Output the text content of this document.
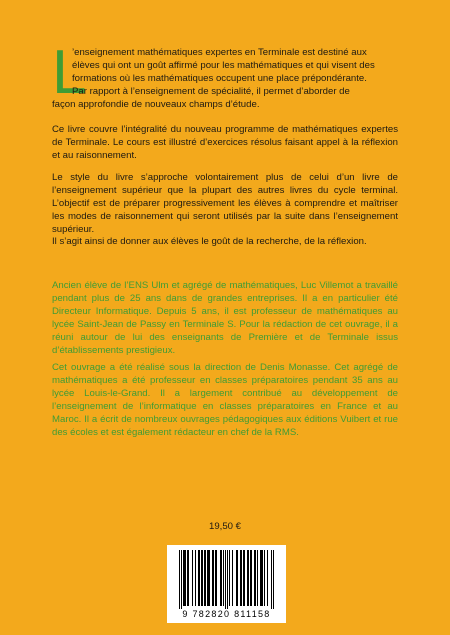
L

’enseignement mathématiques expertes en Terminale est destiné aux

élèves qui ont un goût affirmé pour les mathématiques et qui visent des

formations où les mathématiques occupent une place prépondérante.

Par rapport à l’enseignement de spécialité, il permet d’aborder de

façon approfondie de nouveaux champs d’étude.

Ce livre couvre l’intégralité du nouveau programme de mathématiques expertes de Terminale. Le cours est illustré d’exercices résolus faisant appel à la réflexion et au raisonnement.

Le style du livre s’approche volontairement plus de celui d’un livre de l’enseignement supérieur que la plupart des autres livres du cycle terminal. L’objectif est de préparer progressivement les élèves à comprendre et maîtriser les modes de raisonnement qui seront utilisés par la suite dans l’enseignement supérieur.

Il s’agit ainsi de donner aux élèves le goût de la recherche, de la réflexion.

Ancien élève de l’ENS Ulm et agrégé de mathématiques, Luc Villemot a travaillé pendant plus de 25 ans dans de grandes entreprises. Il a en particulier été Directeur Informatique. Depuis 5 ans, il est professeur de mathématiques au lycée Saint-Jean de Passy en Terminale S. Pour la rédaction de cet ouvrage, il a réuni autour de lui des enseignants de Première et de Terminale issus d’établissements prestigieux.

Cet ouvrage a été réalisé sous la direction de Denis Monasse. Cet agrégé de mathématiques a été professeur en classes préparatoires pendant 35 ans au lycée Louis-le-Grand. Il a largement contribué au développement de l’enseignement de l’informatique en classes préparatoires en France et au Maroc. Il a écrit de nombreux ouvrages pédagogiques aux éditions Vuibert et rue des écoles et est également rédacteur en chef de la RMS.

19,50 €
9 782820 811158
